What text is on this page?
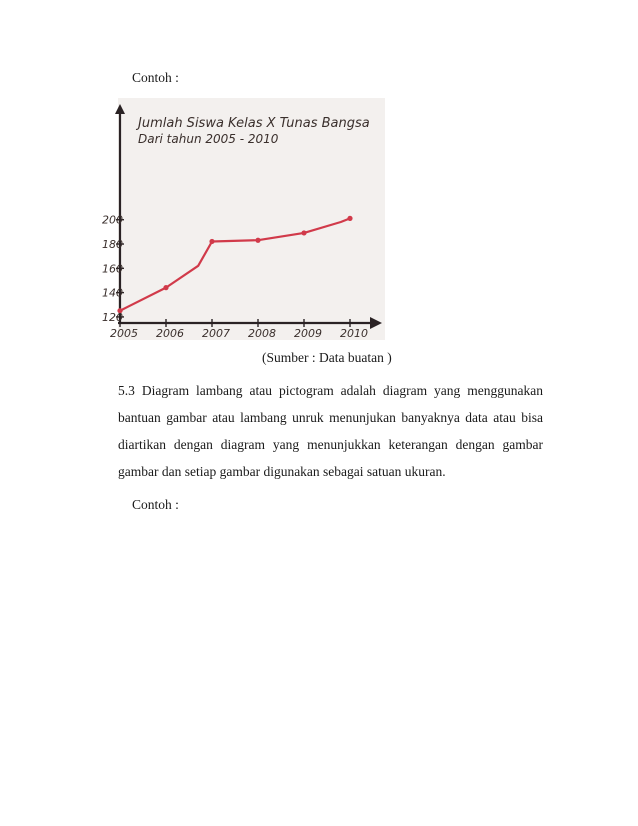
Contoh :
120
140
160
180
200
2005 2006 2007 2008 2009 2010
Jumlah Siswa Kelas X Tunas Bangsa
Dari tahun 2005 - 2010
(Sumber : Data buatan )
5.3 Diagram lambang atau pictogram adalah diagram yang menggunakan
bantuan gambar atau lambang unruk menunjukan banyaknya data atau bisa
diartikan dengan diagram yang menunjukkan keterangan dengan gambar
gambar dan setiap gambar digunakan sebagai satuan ukuran.
Contoh :
